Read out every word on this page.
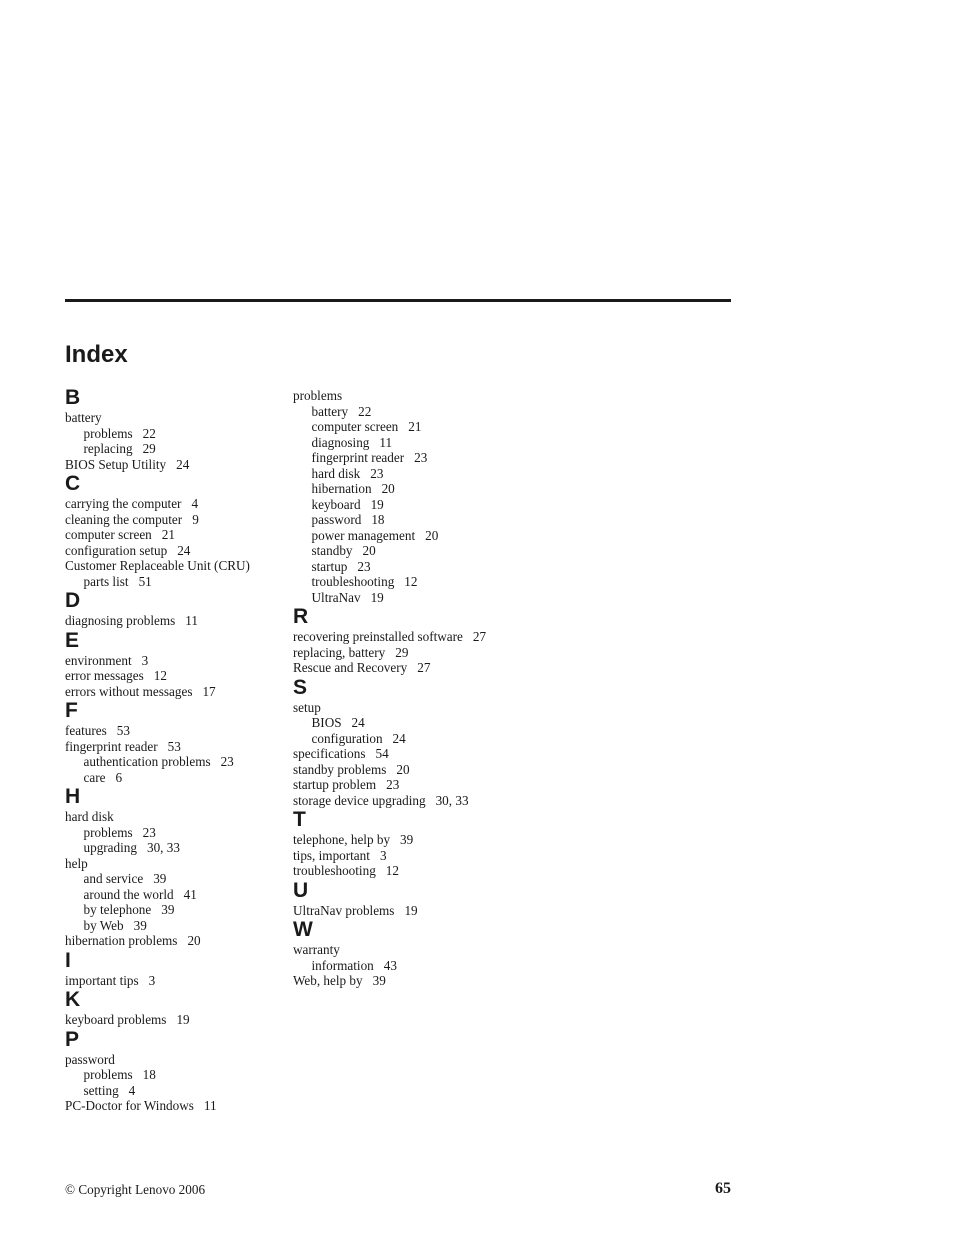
Index
B
battery
problems 22
replacing 29
BIOS Setup Utility 24
C
carrying the computer 4
cleaning the computer 9
computer screen 21
configuration setup 24
Customer Replaceable Unit (CRU)
parts list 51
D
diagnosing problems 11
E
environment 3
error messages 12
errors without messages 17
F
features 53
fingerprint reader 53
authentication problems 23
care 6
H
hard disk
problems 23
upgrading 30, 33
help
and service 39
around the world 41
by telephone 39
by Web 39
hibernation problems 20
I
important tips 3
K
keyboard problems 19
P
password
problems 18
setting 4
PC-Doctor for Windows 11
problems
battery 22
computer screen 21
diagnosing 11
fingerprint reader 23
hard disk 23
hibernation 20
keyboard 19
password 18
power management 20
standby 20
startup 23
troubleshooting 12
UltraNav 19
R
recovering preinstalled software 27
replacing, battery 29
Rescue and Recovery 27
S
setup
BIOS 24
configuration 24
specifications 54
standby problems 20
startup problem 23
storage device upgrading 30, 33
T
telephone, help by 39
tips, important 3
troubleshooting 12
U
UltraNav problems 19
W
warranty
information 43
Web, help by 39
© Copyright Lenovo 2006	65
